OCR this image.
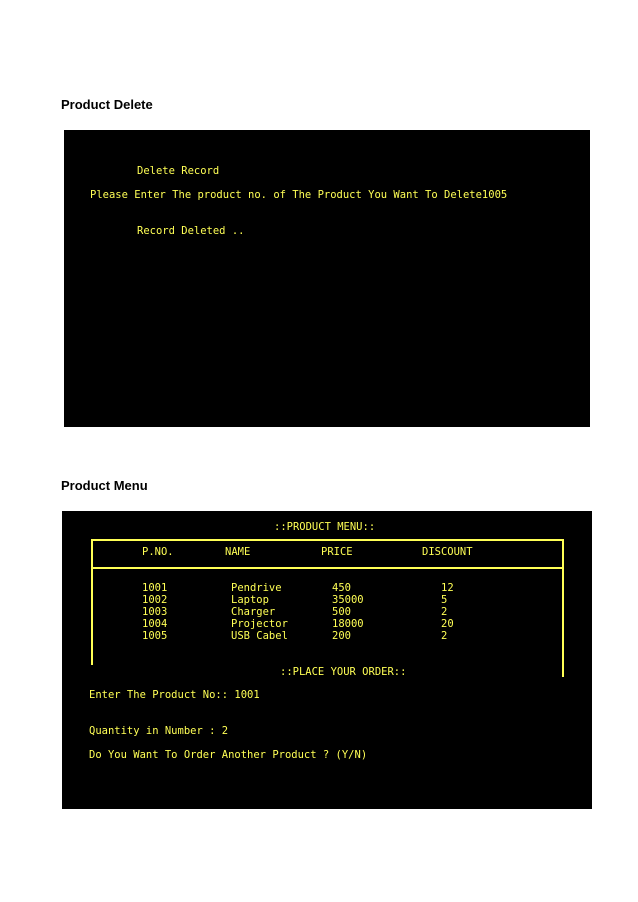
Product Delete
Delete Record
Please Enter The product no. of The Product You Want To Delete1005
Record Deleted ..
Product Menu
::PRODUCT MENU::
P.NO.	NAME	PRICE	DISCOUNT
1001	Pendrive	450	12
1002	Laptop	35000	5
1003	Charger	500	2
1004	Projector	18000	20
1005	USB Cabel	200	2
::PLACE YOUR ORDER::
Enter The Product No:: 1001
Quantity in Number : 2
Do You Want To Order Another Product ? (Y/N)
